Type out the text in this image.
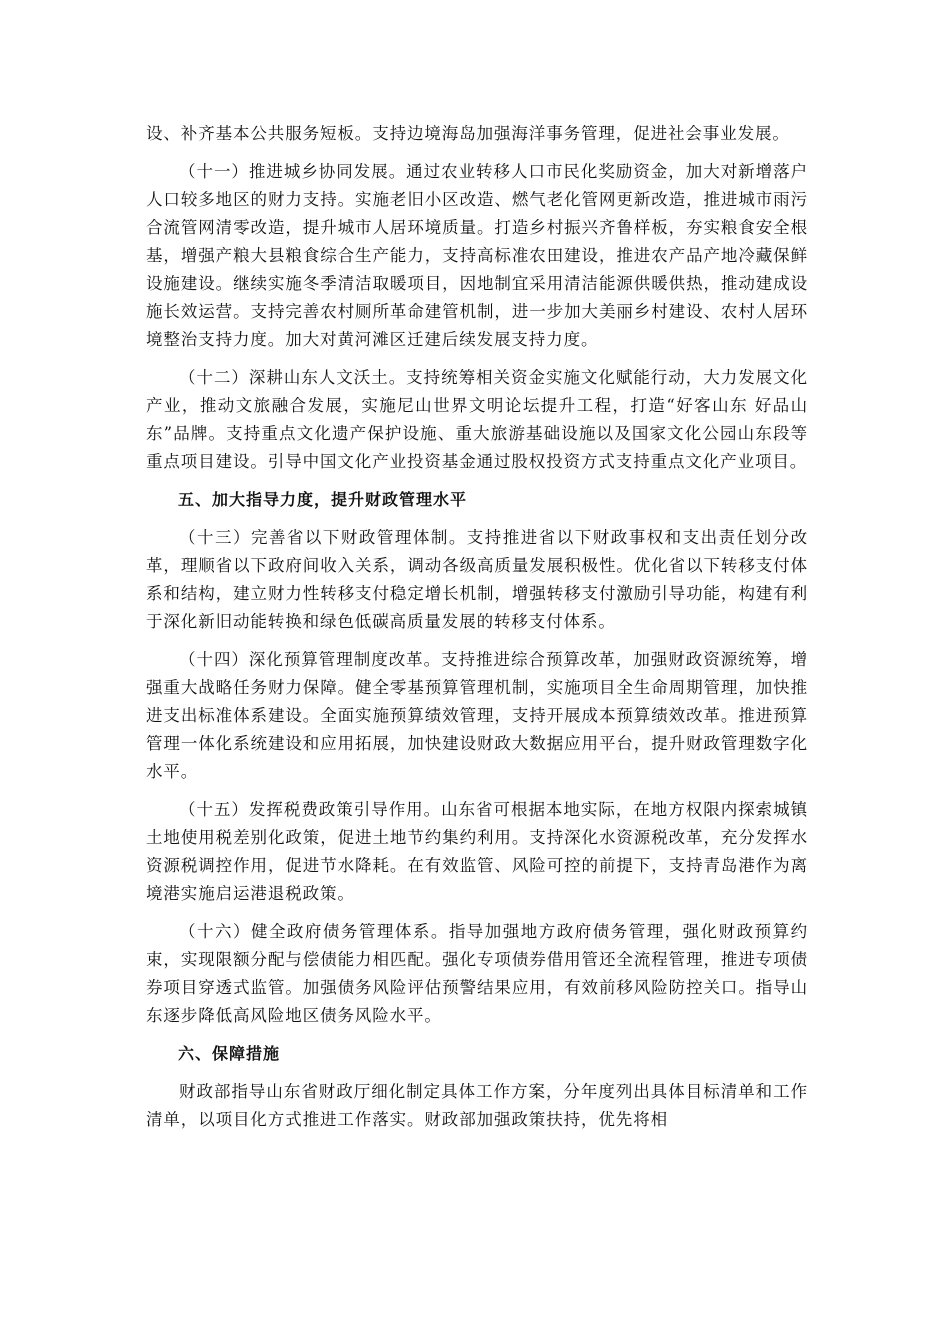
设、补齐基本公共服务短板。支持边境海岛加强海洋事务管理，促进社会事业发展。

（十一）推进城乡协同发展。通过农业转移人口市民化奖励资金，加大对新增落户人口较多地区的财力支持。实施老旧小区改造、燃气老化管网更新改造，推进城市雨污合流管网清零改造，提升城市人居环境质量。打造乡村振兴齐鲁样板，夯实粮食安全根基，增强产粮大县粮食综合生产能力，支持高标准农田建设，推进农产品产地冷藏保鲜设施建设。继续实施冬季清洁取暖项目，因地制宜采用清洁能源供暖供热，推动建成设施长效运营。支持完善农村厕所革命建管机制，进一步加大美丽乡村建设、农村人居环境整治支持力度。加大对黄河滩区迁建后续发展支持力度。

（十二）深耕山东人文沃土。支持统筹相关资金实施文化赋能行动，大力发展文化产业，推动文旅融合发展，实施尼山世界文明论坛提升工程，打造“好客山东 好品山东”品牌。支持重点文化遗产保护设施、重大旅游基础设施以及国家文化公园山东段等重点项目建设。引导中国文化产业投资基金通过股权投资方式支持重点文化产业项目。

五、加大指导力度，提升财政管理水平

（十三）完善省以下财政管理体制。支持推进省以下财政事权和支出责任划分改革，理顺省以下政府间收入关系，调动各级高质量发展积极性。优化省以下转移支付体系和结构，建立财力性转移支付稳定增长机制，增强转移支付激励引导功能，构建有利于深化新旧动能转换和绿色低碳高质量发展的转移支付体系。

（十四）深化预算管理制度改革。支持推进综合预算改革，加强财政资源统筹，增强重大战略任务财力保障。健全零基预算管理机制，实施项目全生命周期管理，加快推进支出标准体系建设。全面实施预算绩效管理，支持开展成本预算绩效改革。推进预算管理一体化系统建设和应用拓展，加快建设财政大数据应用平台，提升财政管理数字化水平。

（十五）发挥税费政策引导作用。山东省可根据本地实际，在地方权限内探索城镇土地使用税差别化政策，促进土地节约集约利用。支持深化水资源税改革，充分发挥水资源税调控作用，促进节水降耗。在有效监管、风险可控的前提下，支持青岛港作为离境港实施启运港退税政策。

（十六）健全政府债务管理体系。指导加强地方政府债务管理，强化财政预算约束，实现限额分配与偿债能力相匹配。强化专项债券借用管还全流程管理，推进专项债券项目穿透式监管。加强债务风险评估预警结果应用，有效前移风险防控关口。指导山东逐步降低高风险地区债务风险水平。

六、保障措施

财政部指导山东省财政厅细化制定具体工作方案，分年度列出具体目标清单和工作清单，以项目化方式推进工作落实。财政部加强政策扶持，优先将相
